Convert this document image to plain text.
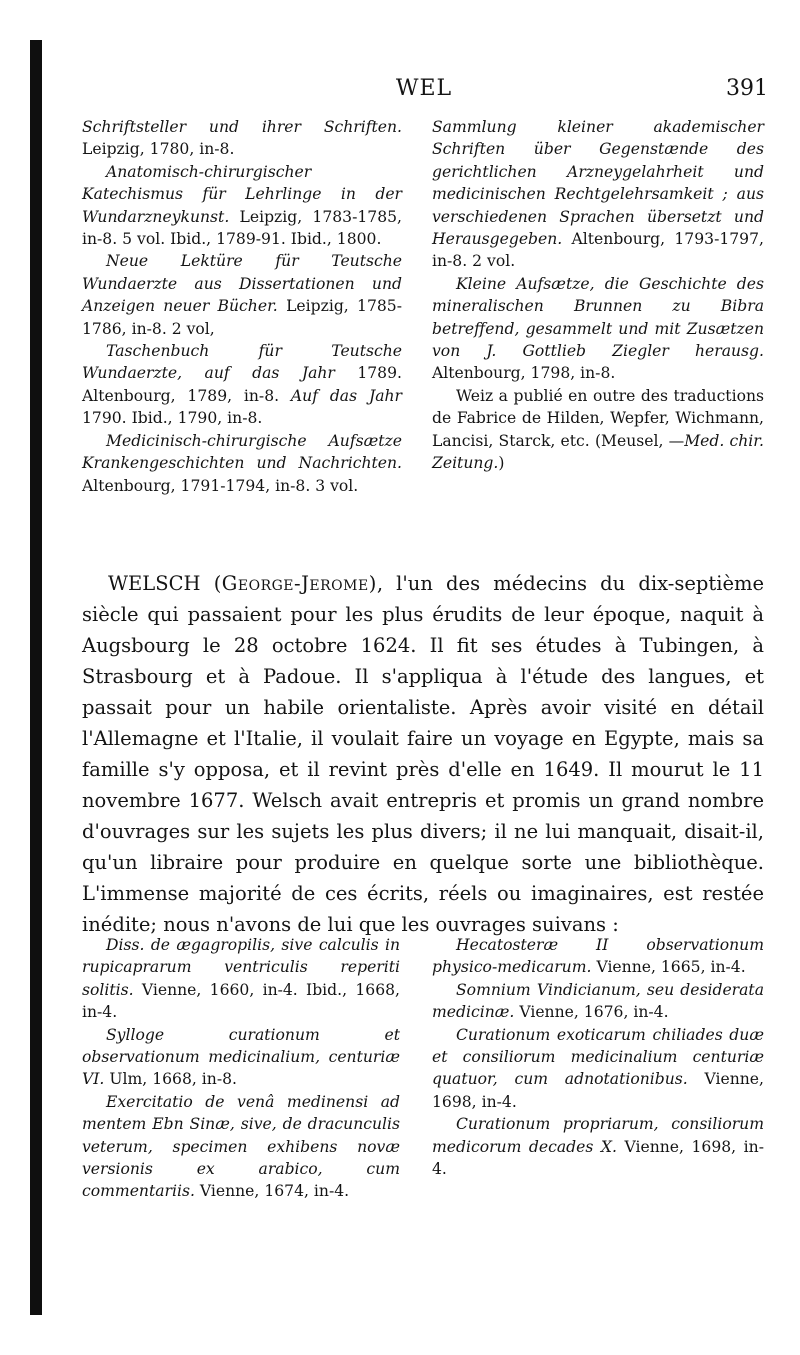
WEL	391

Schriftsteller und ihrer Schriften. Leipzig, 1780, in-8.

Anatomisch-chirurgischer Katechismus für Lehrlinge in der Wundarzneykunst. Leipzig, 1783-1785, in-8. 5 vol. Ibid., 1789-91. Ibid., 1800.

Neue Lektüre für Teutsche Wundaerzte aus Dissertationen und Anzeigen neuer Bücher. Leipzig, 1785-1786, in-8. 2 vol,

Taschenbuch für Teutsche Wundaerzte, auf das Jahr 1789. Altenbourg, 1789, in-8. Auf das Jahr 1790. Ibid., 1790, in-8.

Medicinisch-chirurgische Aufsætze Krankengeschichten und Nachrichten. Altenbourg, 1791-1794, in-8. 3 vol.

Sammlung kleiner akademischer Schriften über Gegenstænde des gerichtlichen Arzneygelahrheit und medicinischen Rechtgelehrsamkeit ; aus verschiedenen Sprachen übersetzt und Herausgegeben. Altenbourg, 1793-1797, in-8. 2 vol.

Kleine Aufsætze, die Geschichte des mineralischen Brunnen zu Bibra betreffend, gesammelt und mit Zusætzen von J. Gottlieb Ziegler herausg. Altenbourg, 1798, in-8.

Weiz a publié en outre des traductions de Fabrice de Hilden, Wepfer, Wichmann, Lancisi, Starck, etc. (Meusel, —Med. chir. Zeitung.)

WELSCH (George-Jerome), l'un des médecins du dix-septième siècle qui passaient pour les plus érudits de leur époque, naquit à Augsbourg le 28 octobre 1624. Il fit ses études à Tubingen, à Strasbourg et à Padoue. Il s'appliqua à l'étude des langues, et passait pour un habile orientaliste. Après avoir visité en détail l'Allemagne et l'Italie, il voulait faire un voyage en Egypte, mais sa famille s'y opposa, et il revint près d'elle en 1649. Il mourut le 11 novembre 1677. Welsch avait entrepris et promis un grand nombre d'ouvrages sur les sujets les plus divers; il ne lui manquait, disait-il, qu'un libraire pour produire en quelque sorte une bibliothèque. L'immense majorité de ces écrits, réels ou imaginaires, est restée inédite; nous n'avons de lui que les ouvrages suivans :

Diss. de ægagropilis, sive calculis in rupicaprarum ventriculis reperiti solitis. Vienne, 1660, in-4. Ibid., 1668, in-4.

Sylloge curationum et observationum medicinalium, centuriæ VI. Ulm, 1668, in-8.

Exercitatio de venâ medinensi ad mentem Ebn Sinæ, sive, de dracunculis veterum, specimen exhibens novæ versionis ex arabico, cum commentariis. Vienne, 1674, in-4.

Hecatosteræ II observationum physico-medicarum. Vienne, 1665, in-4.

Somnium Vindicianum, seu desiderata medicinæ. Vienne, 1676, in-4.

Curationum exoticarum chiliades duæ et consiliorum medicinalium centuriæ quatuor, cum adnotationibus. Vienne, 1698, in-4.

Curationum propriarum, consiliorum medicorum decades X. Vienne, 1698, in-4.
